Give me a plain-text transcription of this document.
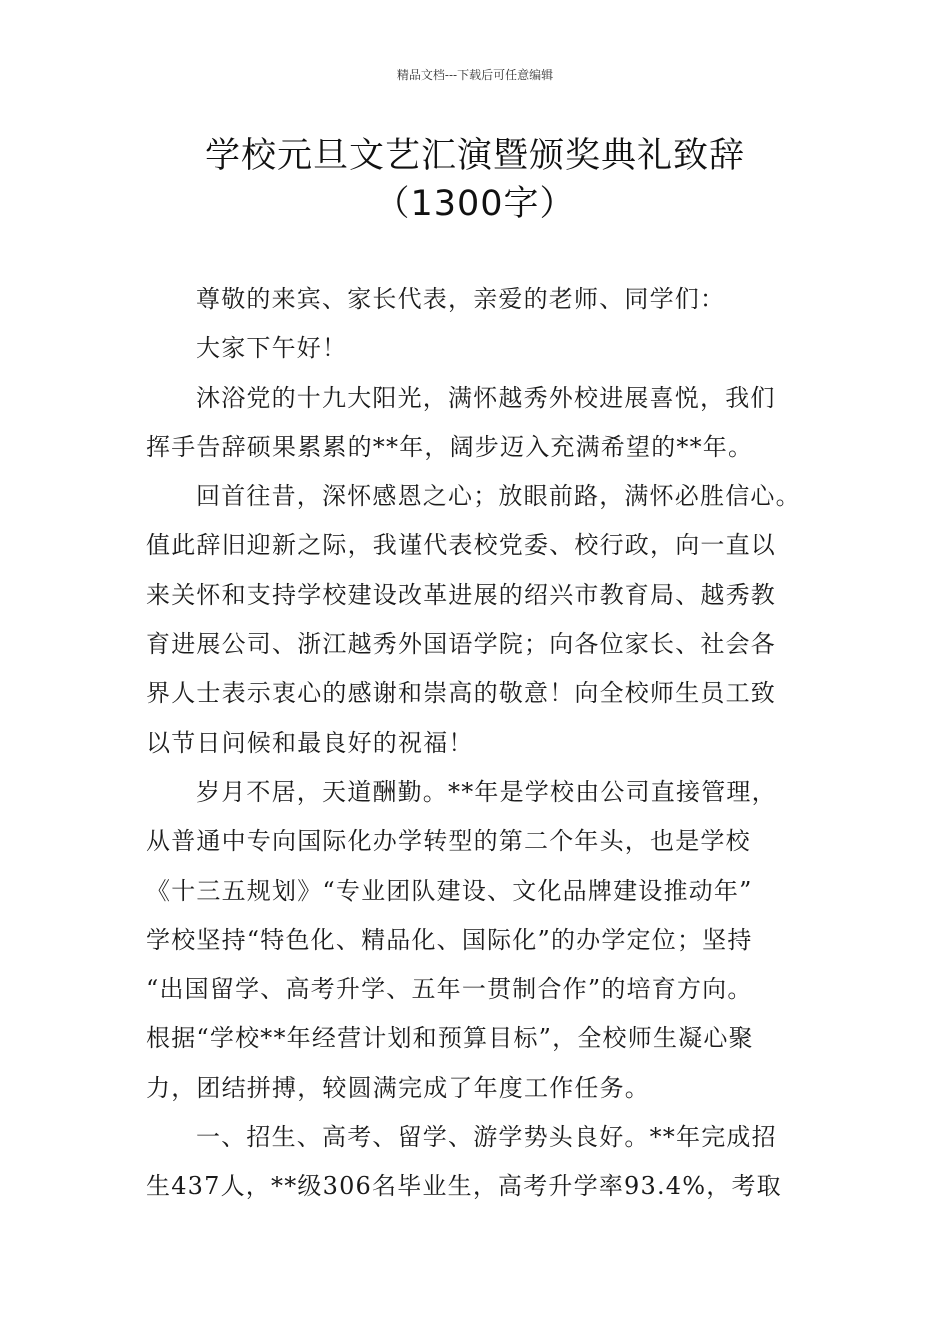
精品文档---下载后可任意编辑
学校元旦文艺汇演暨颁奖典礼致辞
（1300字）
尊敬的来宾、家长代表，亲爱的老师、同学们：
大家下午好！
沐浴党的十九大阳光，满怀越秀外校进展喜悦，我们
挥手告辞硕果累累的**年，阔步迈入充满希望的**年。
回首往昔，深怀感恩之心；放眼前路，满怀必胜信心。
值此辞旧迎新之际，我谨代表校党委、校行政，向一直以
来关怀和支持学校建设改革进展的绍兴市教育局、越秀教
育进展公司、浙江越秀外国语学院；向各位家长、社会各
界人士表示衷心的感谢和崇高的敬意！向全校师生员工致
以节日问候和最良好的祝福！
岁月不居，天道酬勤。**年是学校由公司直接管理，
从普通中专向国际化办学转型的第二个年头，也是学校
《十三五规划》“专业团队建设、文化品牌建设推动年”
学校坚持“特色化、精品化、国际化”的办学定位；坚持
“出国留学、高考升学、五年一贯制合作”的培育方向。
根据“学校**年经营计划和预算目标”，全校师生凝心聚
力，团结拼搏，较圆满完成了年度工作任务。
一、招生、高考、留学、游学势头良好。**年完成招
生437人，**级306名毕业生，高考升学率93.4%，考取
